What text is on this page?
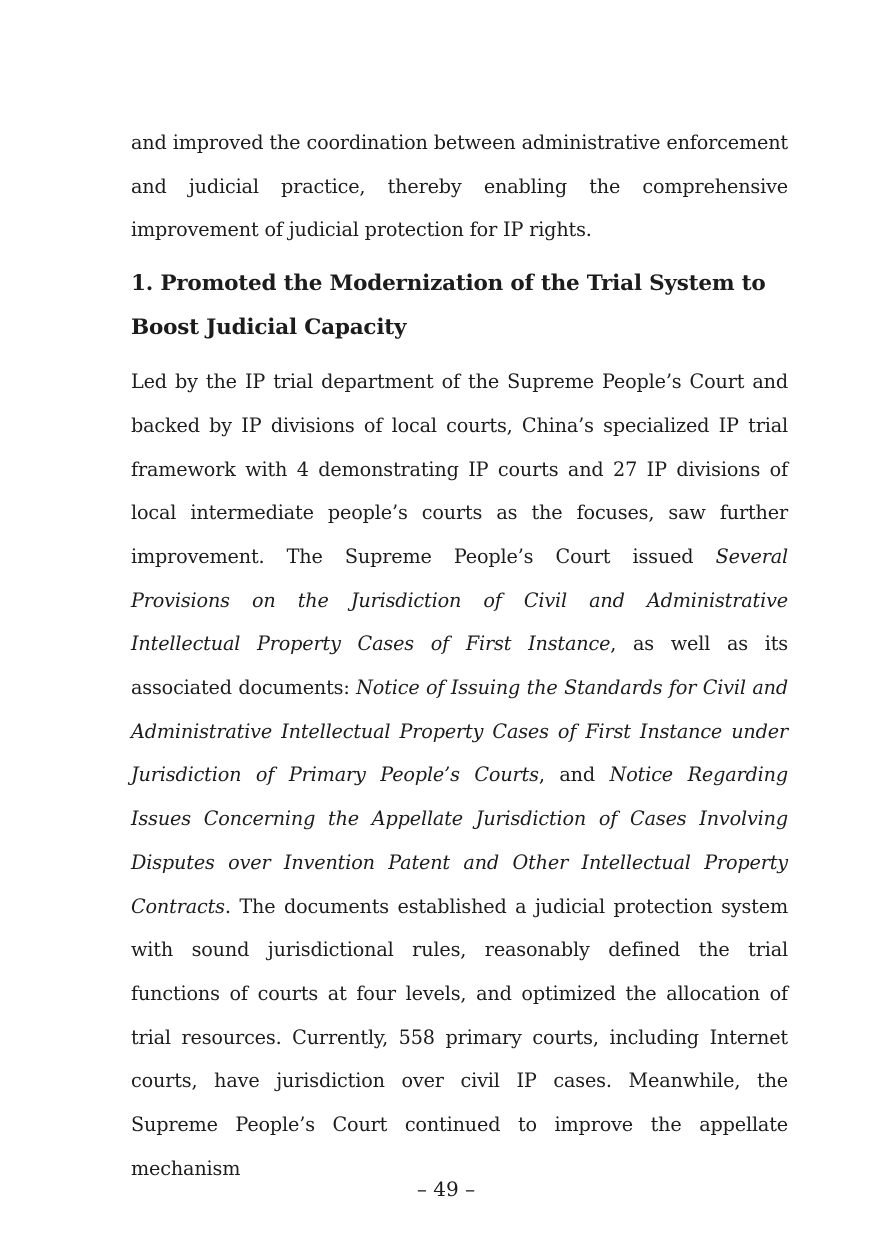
and improved the coordination between administrative enforcement and judicial practice, thereby enabling the comprehensive improvement of judicial protection for IP rights.

1. Promoted the Modernization of the Trial System to Boost Judicial Capacity

Led by the IP trial department of the Supreme People’s Court and backed by IP divisions of local courts, China’s specialized IP trial framework with 4 demonstrating IP courts and 27 IP divisions of local intermediate people’s courts as the focuses, saw further improvement. The Supreme People’s Court issued Several Provisions on the Jurisdiction of Civil and Administrative Intellectual Property Cases of First Instance, as well as its associated documents: Notice of Issuing the Standards for Civil and Administrative Intellectual Property Cases of First Instance under Jurisdiction of Primary People’s Courts, and Notice Regarding Issues Concerning the Appellate Jurisdiction of Cases Involving Disputes over Invention Patent and Other Intellectual Property Contracts. The documents established a judicial protection system with sound jurisdictional rules, reasonably defined the trial functions of courts at four levels, and optimized the allocation of trial resources. Currently, 558 primary courts, including Internet courts, have jurisdiction over civil IP cases. Meanwhile, the Supreme People’s Court continued to improve the appellate mechanism

– 49 –
